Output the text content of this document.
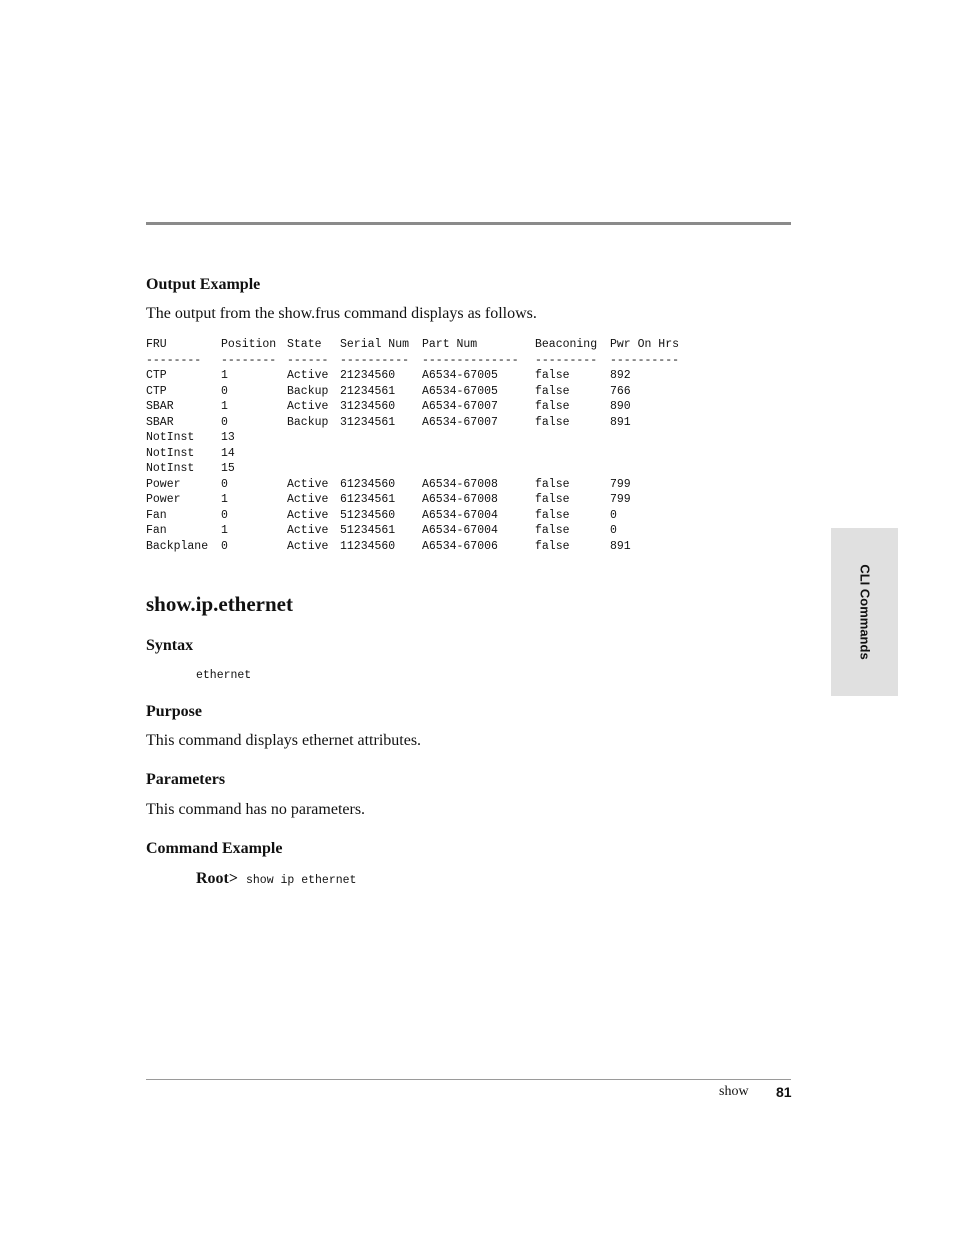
Output Example
The output from the show.frus command displays as follows.
FRU	Position State Serial Num Part Num	Beaconing Pwr On Hrs
-------- -------- ------ ---------- -------------- --------- ----------
CTP	1	Active 21234560 A6534-67005	false	892
CTP	0	Backup 21234561 A6534-67005	false	766
SBAR	1	Active 31234560 A6534-67007	false	890
SBAR	0	Backup 31234561 A6534-67007	false	891
NotInst 13
NotInst 14
NotInst 15
Power	0	Active 61234560 A6534-67008	false	799
Power	1	Active 61234561 A6534-67008	false	799
Fan	0	Active 51234560 A6534-67004	false	0
Fan	1	Active 51234561 A6534-67004	false	0
Backplane 0	Active 11234560 A6534-67006	false	891
show.ip.ethernet
Syntax
ethernet
Purpose
This command displays ethernet attributes.
Parameters
This command has no parameters.
Command Example
Root> show ip ethernet
CLI Commands
show 81
